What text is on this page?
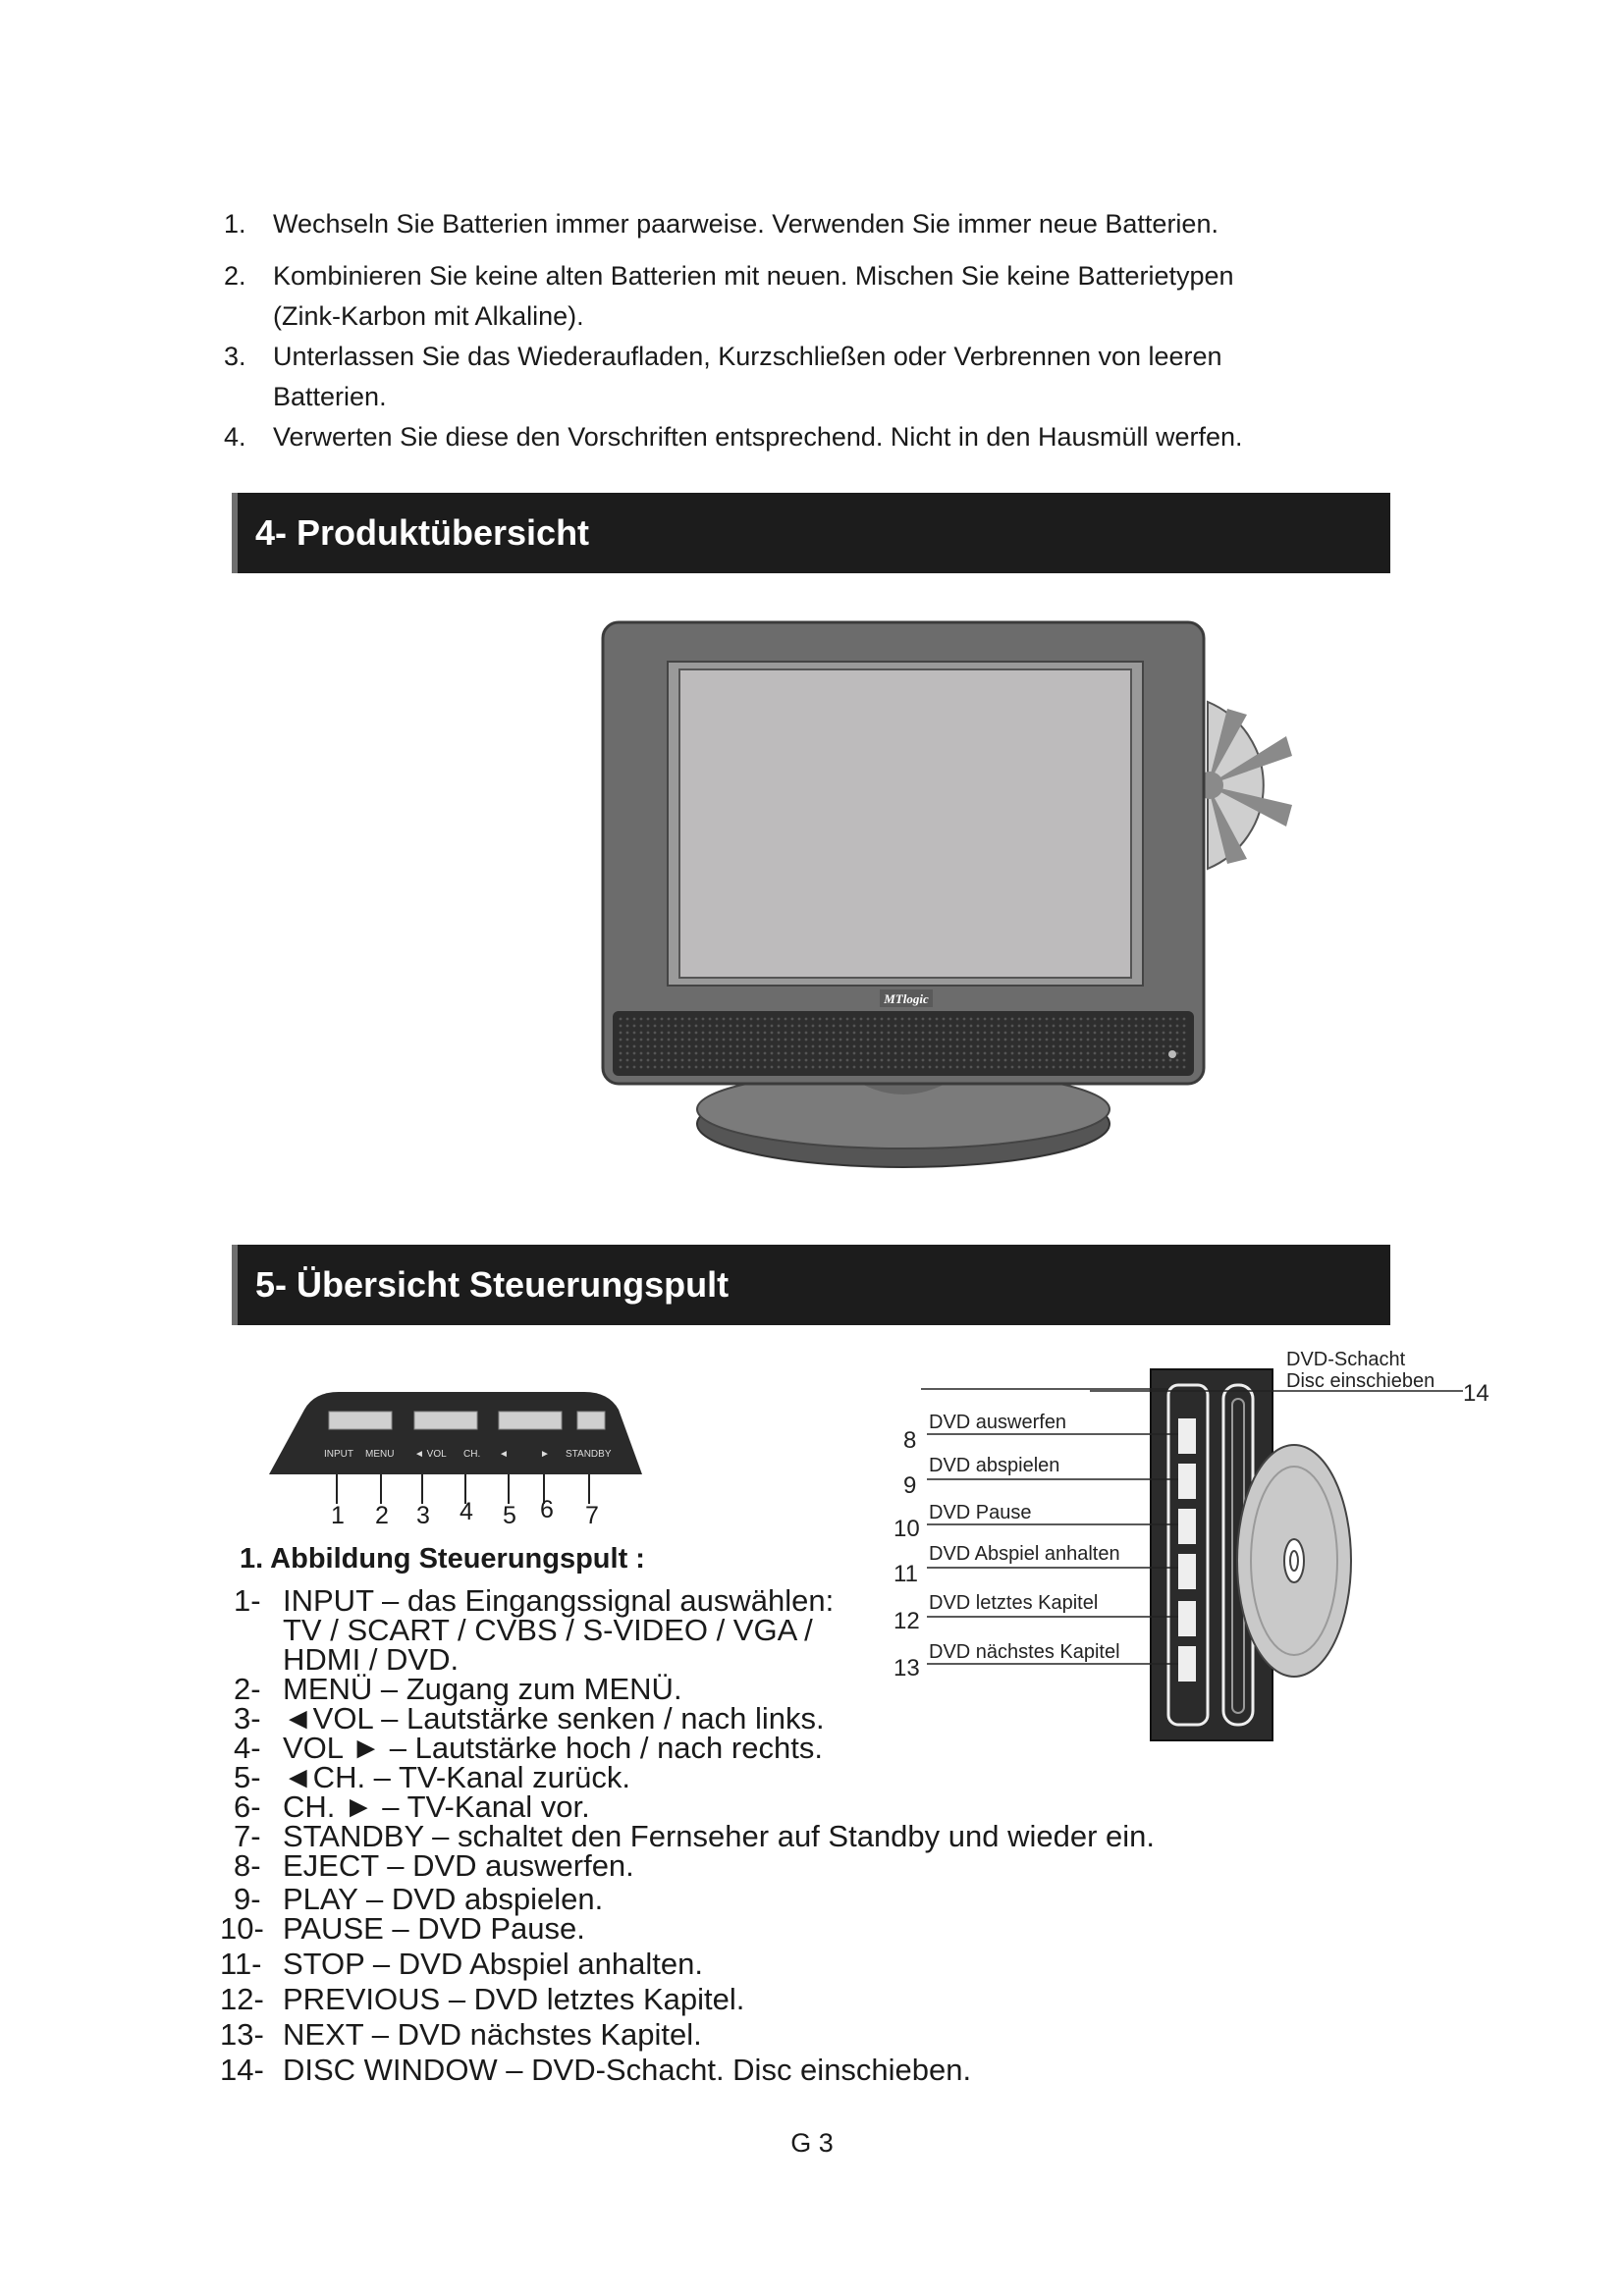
1. Wechseln Sie Batterien immer paarweise. Verwenden Sie immer neue Batterien.
2. Kombinieren Sie keine alten Batterien mit neuen. Mischen Sie keine Batterietypen
(Zink-Karbon mit Alkaline).
3. Unterlassen Sie das Wiederaufladen, Kurzschließen oder Verbrennen von leeren
Batterien.
4. Verwerten Sie diese den Vorschriften entsprechend. Nicht in den Hausmüll werfen.
4- Produktübersicht
MTlogic
5- Übersicht Steuerungspult
INPUT MENU ◄ VOL CH. ◄	► STANDBY
1 2 3 4 5 6 7
1. Abbildung Steuerungspult :
1- INPUT – das Eingangssignal auswählen:
TV / SCART / CVBS / S-VIDEO / VGA /
HDMI / DVD.
2- MENÜ – Zugang zum MENÜ.
3- ◄VOL – Lautstärke senken / nach links.
4- VOL ► – Lautstärke hoch / nach rechts.
5- ◄CH. – TV-Kanal zurück.
6- CH. ► – TV-Kanal vor.
7- STANDBY – schaltet den Fernseher auf Standby und wieder ein.
8- EJECT – DVD auswerfen.
9- PLAY – DVD abspielen.
10- PAUSE – DVD Pause.
11- STOP – DVD Abspiel anhalten.
12- PREVIOUS – DVD letztes Kapitel.
13- NEXT – DVD nächstes Kapitel.
14- DISC WINDOW – DVD-Schacht. Disc einschieben.
DVD-Schacht
Disc einschieben 14
DVD auswerfen
DVD abspielen
DVD Pause
DVD Abspiel anhalten
DVD letztes Kapitel
DVD nächstes Kapitel
8
9
10
11
12
13
G 3
